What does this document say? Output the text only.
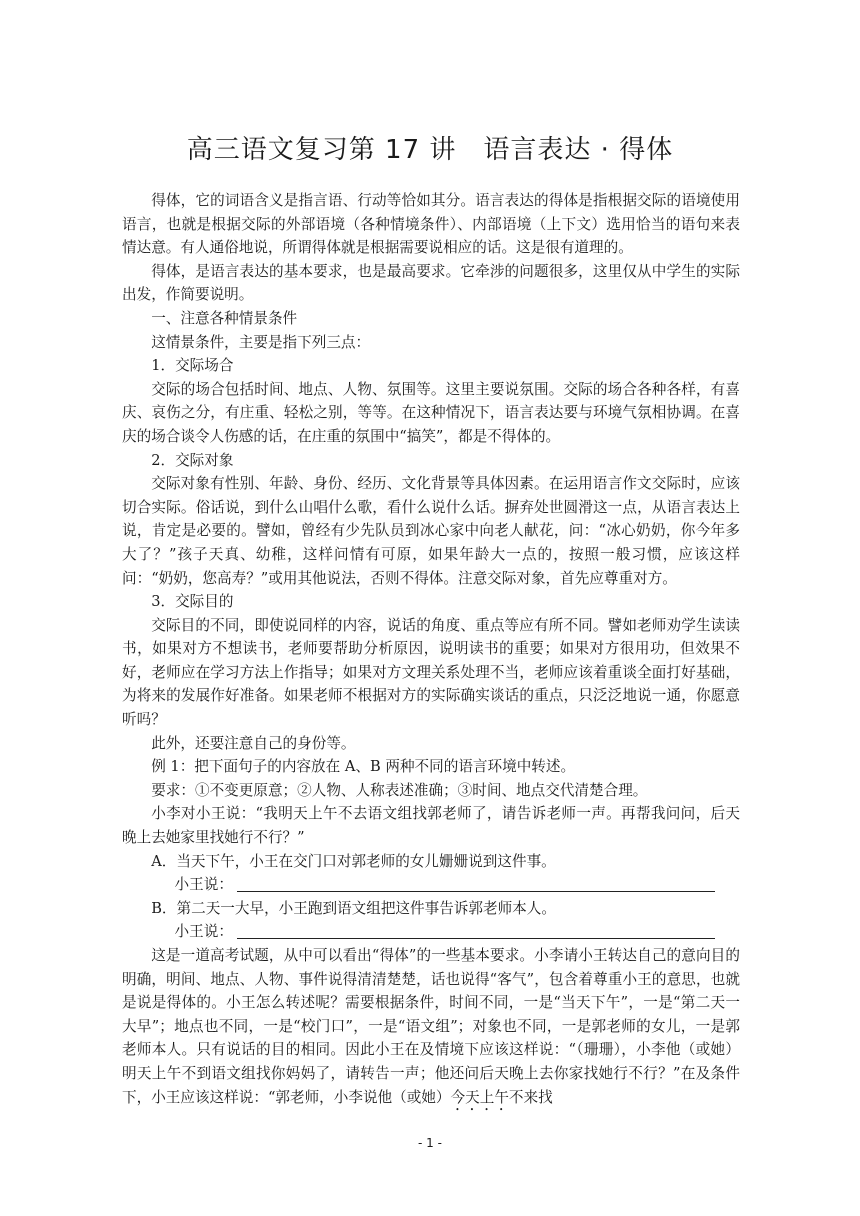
高三语文复习第 17 讲　语言表达 · 得体

得体，它的词语含义是指言语、行动等恰如其分。语言表达的得体是指根据交际的语境使用语言，也就是根据交际的外部语境（各种情境条件）、内部语境（上下文）选用恰当的语句来表情达意。有人通俗地说，所谓得体就是根据需要说相应的话。这是很有道理的。

得体，是语言表达的基本要求，也是最高要求。它牵涉的问题很多，这里仅从中学生的实际出发，作简要说明。

一、注意各种情景条件

这情景条件，主要是指下列三点：

1．交际场合

交际的场合包括时间、地点、人物、氛围等。这里主要说氛围。交际的场合各种各样，有喜庆、哀伤之分，有庄重、轻松之别，等等。在这种情况下，语言表达要与环境气氛相协调。在喜庆的场合谈令人伤感的话，在庄重的氛围中“搞笑”，都是不得体的。

2．交际对象

交际对象有性别、年龄、身份、经历、文化背景等具体因素。在运用语言作文交际时，应该切合实际。俗话说，到什么山唱什么歌，看什么说什么话。摒弃处世圆滑这一点，从语言表达上说，肯定是必要的。譬如，曾经有少先队员到冰心家中向老人献花，问：“冰心奶奶，你今年多大了？”孩子天真、幼稚，这样问情有可原，如果年龄大一点的，按照一般习惯，应该这样问：“奶奶，您高寿？”或用其他说法，否则不得体。注意交际对象，首先应尊重对方。

3．交际目的

交际目的不同，即使说同样的内容，说话的角度、重点等应有所不同。譬如老师劝学生读读书，如果对方不想读书，老师要帮助分析原因，说明读书的重要；如果对方很用功，但效果不好，老师应在学习方法上作指导；如果对方文理关系处理不当，老师应该着重谈全面打好基础，为将来的发展作好准备。如果老师不根据对方的实际确实谈话的重点，只泛泛地说一通，你愿意听吗？

此外，还要注意自己的身份等。

例 1：把下面句子的内容放在 A、B 两种不同的语言环境中转述。

要求：①不变更原意；②人物、人称表述准确；③时间、地点交代清楚合理。

小李对小王说：“我明天上午不去语文组找郭老师了，请告诉老师一声。再帮我问问，后天晚上去她家里找她行不行？”

A．当天下午，小王在交门口对郭老师的女儿姗姗说到这件事。

小王说：

B．第二天一大早，小王跑到语文组把这件事告诉郭老师本人。

小王说：

这是一道高考试题，从中可以看出“得体”的一些基本要求。小李请小王转达自己的意向目的明确，明间、地点、人物、事件说得清清楚楚，话也说得“客气”，包含着尊重小王的意思，也就是说是得体的。小王怎么转述呢？需要根据条件，时间不同，一是“当天下午”，一是“第二天一大早”；地点也不同，一是“校门口”，一是“语文组”；对象也不同，一是郭老师的女儿，一是郭老师本人。只有说话的目的相同。因此小王在及情境下应该这样说：“（珊珊），小李他（或她）明天上午不到语文组找你妈妈了，请转告一声；他还问后天晚上去你家找她行不行？”在及条件下，小王应该这样说：“郭老师，小李说他（或她）今天上午不来找

- 1 -
